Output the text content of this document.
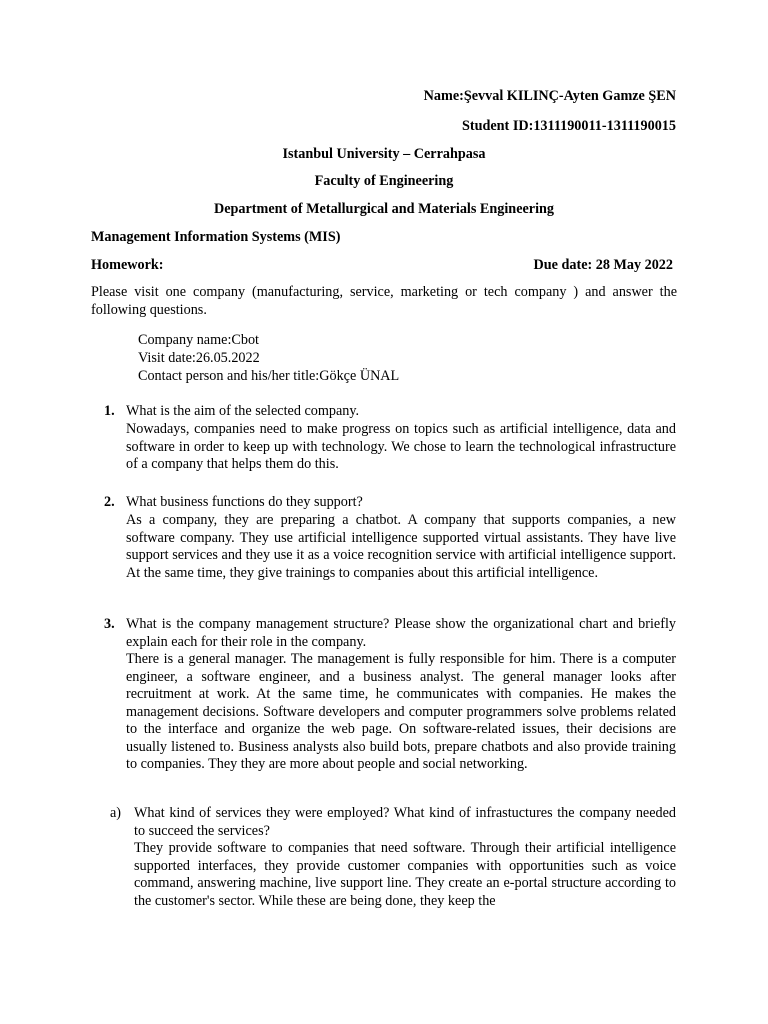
Name:Şevval KILINÇ-Ayten Gamze ŞEN
Student ID:1311190011-1311190015
Istanbul University – Cerrahpasa
Faculty of Engineering
Department of Metallurgical and Materials Engineering
Management Information Systems (MIS)
Homework:	Due date: 28 May 2022
Please visit one company (manufacturing, service, marketing or tech company ) and answer the following questions.
Company name:Cbot
Visit date:26.05.2022
Contact person and his/her title:Gökçe ÜNAL
1. What is the aim of the selected company.
Nowadays, companies need to make progress on topics such as artificial intelligence, data and software in order to keep up with technology. We chose to learn the technological infrastructure of a company that helps them do this.
2. What business functions do they support?
As a company, they are preparing a chatbot. A company that supports companies, a new software company. They use artificial intelligence supported virtual assistants. They have live support services and they use it as a voice recognition service with artificial intelligence support. At the same time, they give trainings to companies about this artificial intelligence.
3. What is the company management structure? Please show the organizational chart and briefly explain each for their role in the company.
There is a general manager. The management is fully responsible for him. There is a computer engineer, a software engineer, and a business analyst. The general manager looks after recruitment at work. At the same time, he communicates with companies. He makes the management decisions. Software developers and computer programmers solve problems related to the interface and organize the web page. On software-related issues, their decisions are usually listened to. Business analysts also build bots, prepare chatbots and also provide training to companies. They they are more about people and social networking.
a) What kind of services they were employed? What kind of infrastuctures the company needed to succeed the services?
They provide software to companies that need software. Through their artificial intelligence supported interfaces, they provide customer companies with opportunities such as voice command, answering machine, live support line. They create an e-portal structure according to the customer's sector. While these are being done, they keep the
